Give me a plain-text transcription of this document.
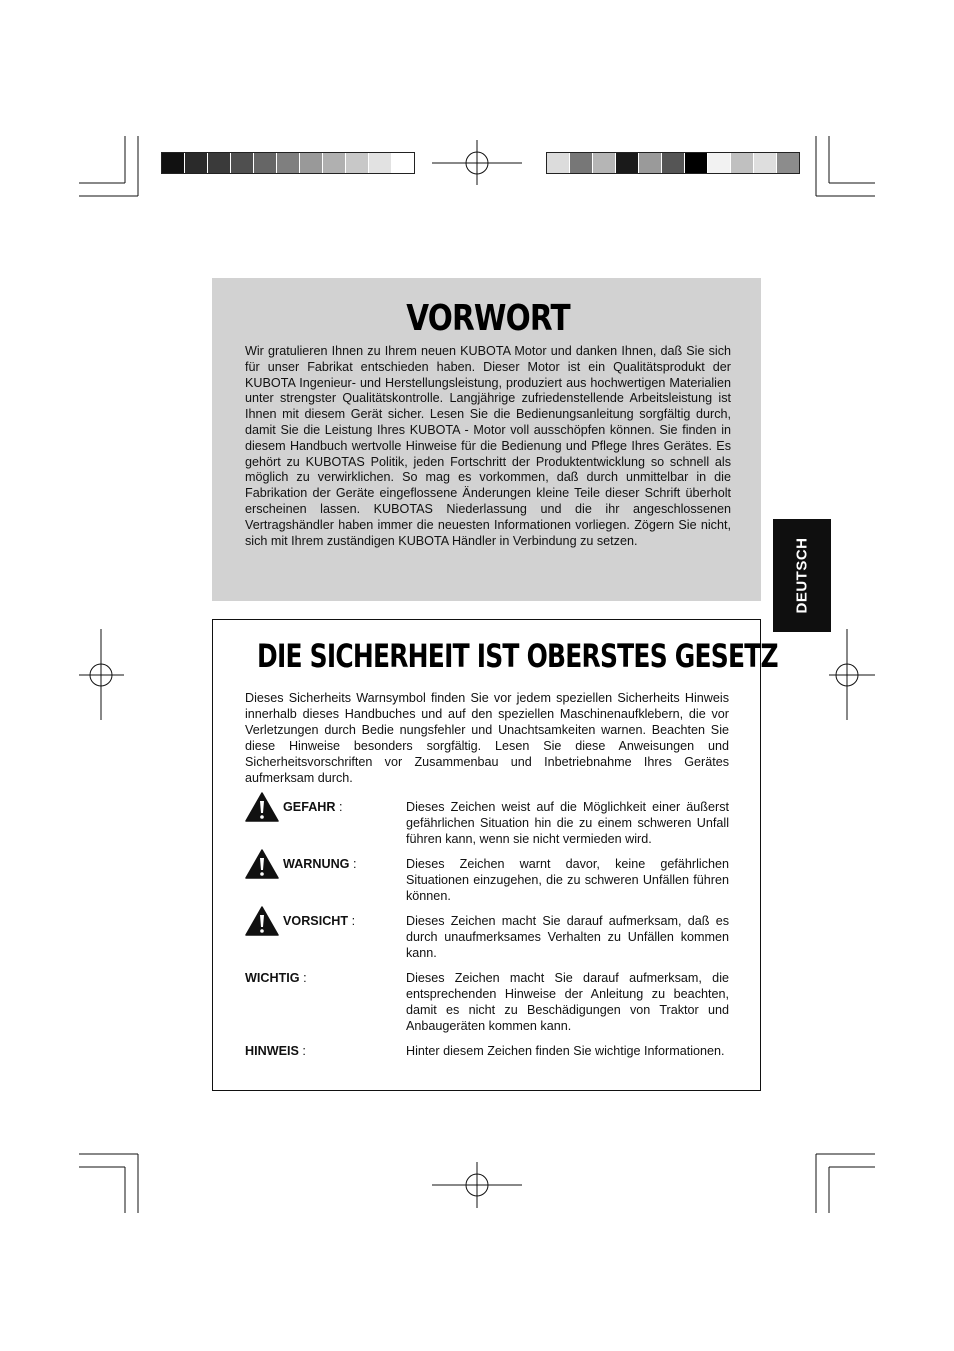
VORWORT

Wir gratulieren Ihnen zu Ihrem neuen KUBOTA Motor und danken Ihnen, daß Sie sich für unser Fabrikat entschieden haben. Dieser Motor ist ein Qualitätsprodukt der KUBOTA Ingenieur- und Herstellungsleistung, produziert aus hochwertigen Materialien unter strengster Qualitätskontrolle. Langjährige zufriedenstellende Arbeitsleistung ist Ihnen mit diesem Gerät sicher. Lesen Sie die Bedienungsanleitung sorgfältig durch, damit Sie die Leistung Ihres KUBOTA - Motor voll ausschöpfen können. Sie finden in diesem Handbuch wertvolle Hinweise für die Bedienung und Pflege Ihres Gerätes. Es gehört zu KUBOTAS Politik, jeden Fortschritt der Produktentwicklung so schnell als möglich zu verwirklichen. So mag es vorkommen, daß durch unmittelbar in die Fabrikation der Geräte eingeflossene Änderungen kleine Teile dieser Schrift überholt erscheinen lassen. KUBOTAS Niederlassung und die ihr angeschlossenen Vertragshändler haben immer die neuesten Informationen vorliegen. Zögern Sie nicht, sich mit Ihrem zuständigen KUBOTA Händler in Verbindung zu setzen.

DIE SICHERHEIT IST OBERSTES GESETZ

Dieses Sicherheits Warnsymbol finden Sie vor jedem speziellen Sicherheits Hinweis innerhalb dieses Handbuches und auf den speziellen Maschinenaufklebern, die vor Verletzungen durch Bedie nungsfehler und Unachtsamkeiten warnen. Beachten Sie diese Hinweise besonders sorgfältig. Lesen Sie diese Anweisungen und Sicherheitsvorschriften vor Zusammenbau und Inbetriebnahme Ihres Gerätes aufmerksam durch.

GEFAHR :	Dieses Zeichen weist auf die Möglichkeit einer äußerst gefährlichen Situation hin die zu einem schweren Unfall führen kann, wenn sie nicht vermieden wird.
WARNUNG :	Dieses Zeichen warnt davor, keine gefährlichen Situationen einzugehen, die zu schweren Unfällen führen können.
VORSICHT :	Dieses Zeichen macht Sie darauf aufmerksam, daß es durch unaufmerksames Verhalten zu Unfällen kommen kann.
WICHTIG :	Dieses Zeichen macht Sie darauf aufmerksam, die entsprechenden Hinweise der Anleitung zu beachten, damit es nicht zu Beschädigungen von Traktor und Anbaugeräten kommen kann.
HINWEIS :	Hinter diesem Zeichen finden Sie wichtige Informationen.
DEUTSCH
